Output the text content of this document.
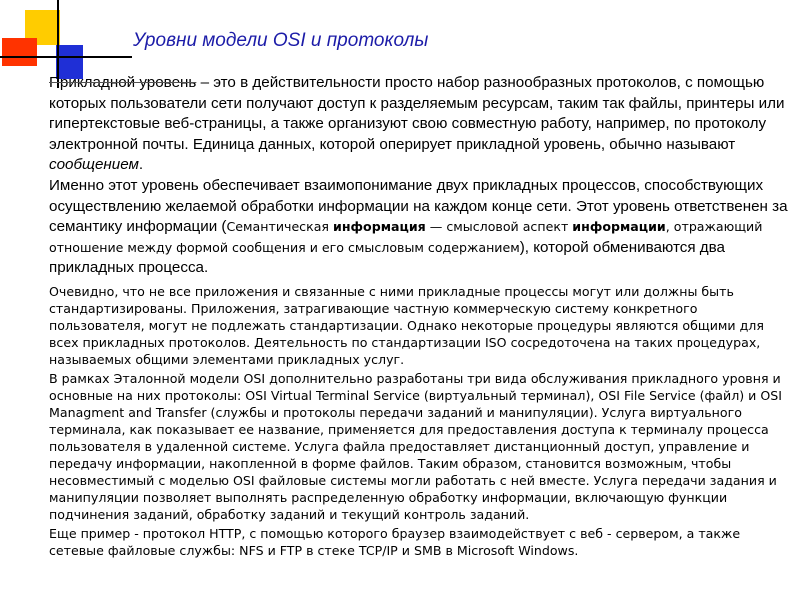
Уровни модели OSI и протоколы

Прикладной уровень – это в действительности просто набор разнообразных протоколов, с помощью которых пользователи сети получают доступ к разделяемым ресурсам, таким так файлы, принтеры или гипертекстовые веб-страницы, а также организуют свою совместную работу, например, по протоколу электронной почты. Единица данных, которой оперирует прикладной уровень, обычно называют сообщением.

Именно этот уровень обеспечивает взаимопонимание двух прикладных процессов, способствующих осуществлению желаемой обработки информации на каждом конце сети. Этот уровень ответственен за семантику информации (Семантическая информация — смысловой аспект информации, отражающий отношение между формой сообщения и его смысловым содержанием), которой обмениваются два прикладных процесса.

Очевидно, что не все приложения и связанные с ними прикладные процессы могут или должны быть стандартизированы. Приложения, затрагивающие частную коммерческую систему конкретного пользователя, могут не подлежать стандартизации. Однако некоторые процедуры являются общими для всех прикладных протоколов. Деятельность по стандартизации ISO сосредоточена на таких процедурах, называемых общими элементами прикладных услуг.

В рамках Эталонной модели OSI дополнительно разработаны три вида обслуживания прикладного уровня и основные на них протоколы: OSI Virtual Terminal Service (виртуальный терминал), OSI File Service (файл) и OSI Managment and Transfer (службы и протоколы передачи заданий и манипуляции). Услуга виртуального терминала, как показывает ее название, применяется для предоставления доступа к терминалу процесса пользователя в удаленной системе. Услуга файла предоставляет дистанционный доступ, управление и передачу информации, накопленной в форме файлов. Таким образом, становится возможным, чтобы несовместимый с моделью OSI файловые системы могли работать с ней вместе. Услуга передачи задания и манипуляции позволяет выполнять распределенную обработку информации, включающую функции подчинения заданий, обработку заданий и текущий контроль заданий.

Еще пример - протокол HTTP, с помощью которого браузер взаимодействует с веб - сервером, а также сетевые файловые службы: NFS и FTP в стеке TCP/IP и SMB в Microsoft Windows.
